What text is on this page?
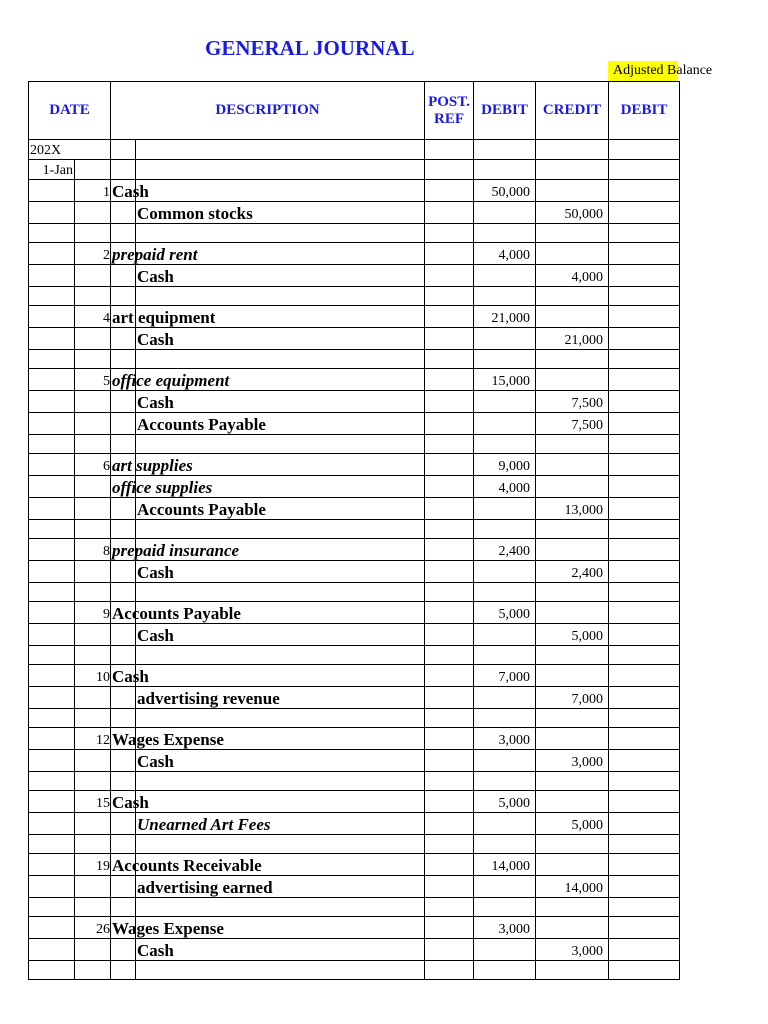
GENERAL JOURNAL
Adjusted Balance
DATE		DESCRIPTION		POST. REF	DEBIT	CREDIT	DEBIT
202X							
1-Jan							
	1	Cash			50,000		

			Common stocks			50,000	

	2	prepaid rent			4,000		

			Cash			4,000	

	4	art equipment			21,000		

			Cash			21,000	

	5	office equipment			15,000		

			Cash			7,500	

			Accounts Payable			7,500	

	6	art supplies			9,000		

		office supplies			4,000		

			Accounts Payable			13,000	

	8	prepaid insurance			2,400		

			Cash			2,400	

	9	Accounts Payable			5,000		

			Cash			5,000	

	10	Cash			7,000		

			advertising revenue			7,000	

	12	Wages Expense			3,000		

			Cash			3,000	

	15	Cash			5,000		

			Unearned Art Fees			5,000	

	19	Accounts Receivable			14,000		

			advertising earned			14,000	

	26	Wages Expense			3,000		

			Cash			3,000	
